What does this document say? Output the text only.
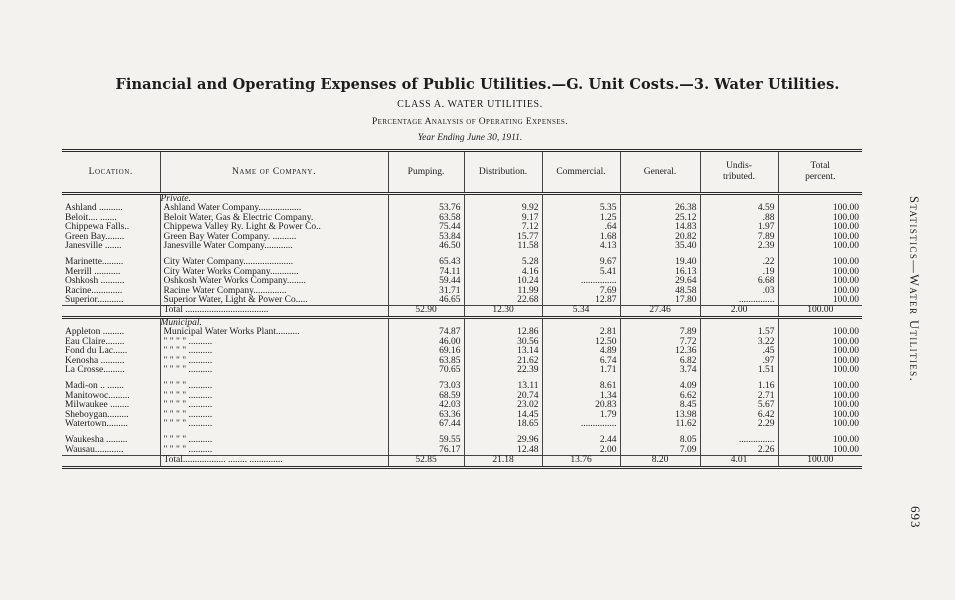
Financial and Operating Expenses of Public Utilities.—G. Unit Costs.—3. Water Utilities.
CLASS A. WATER UTILITIES.
Percentage Analysis of Operating Expenses.
Year Ending June 30, 1911.
Location.	Name of Company.	Pumping.	Distribution.	Commercial.	General.	Undis- tributed.	Total percent.
	Private.						
Ashland ..........	Ashland Water Company..................	53.76	9.92	5.35	26.38	4.59	100.00
Beloit.... .......	Beloit Water, Gas & Electric Company.	63.58	9.17	1.25	25.12	.88	100.00
Chippewa Falls..	Chippewa Valley Ry. Light & Power Co..	75.44	7.12	.64	14.83	1.97	100.00
Green Bay........	Green Bay Water Company. ..........	53.84	15.77	1.68	20.82	7.89	100.00
Janesville .......	Janesville Water Company............	46.50	11.58	4.13	35.40	2.39	100.00

Marinette.........	City Water Company.....................	65.43	5.28	9.67	19.40	.22	100.00
Merrill ...........	City Water Works Company............	74.11	4.16	5.41	16.13	.19	100.00
Oshkosh ..........	Oshkosh Water Works Company........	59.44	10.24	...............	29.64	6.68	100.00
Racine.............	Racine Water Company..............	31.71	11.99	7.69	48.58	.03	100.00
Superior...........	Superior Water, Light & Power Co.....	46.65	22.68	12.87	17.80	...............	100.00
	Total ...................................	52.90	12.30	5.34	27.46	2.00	100.00
	Municipal.						
Appleton .........	Municipal Water Works Plant..........	74.87	12.86	2.81	7.89	1.57	100.00
Eau Claire........	" " " " ..........	46.00	30.56	12.50	7.72	3.22	100.00
Fond du Lac......	" " " " ..........	69.16	13.14	4.89	12.36	.45	100.00
Kenosha ..........	" " " " ..........	63.85	21.62	6.74	6.82	.97	100.00
La Crosse.........	" " " " ..........	70.65	22.39	1.71	3.74	1.51	100.00

Madi-on .. .......	" " " " ..........	73.03	13.11	8.61	4.09	1.16	100.00
Manitowoc.........	" " " " ..........	68.59	20.74	1.34	6.62	2.71	100.00
Milwaukee ........	" " " " ..........	42.03	23.02	20.83	8.45	5.67	100.00
Sheboygan.........	" " " " ..........	63.36	14.45	1.79	13.98	6.42	100.00
Watertown.........	" " " " ..........	67.44	18.65	...............	11.62	2.29	100.00

Waukesha .........	" " " " ..........	59.55	29.96	2.44	8.05	...............	100.00
Wausau............	" " " " ..........	76.17	12.48	2.00	7.09	2.26	100.00
	Total.................. ........ ..............	52.85	21.18	13.76	8.20	4.01	100.00
Statistics—Water Utilities.
693
